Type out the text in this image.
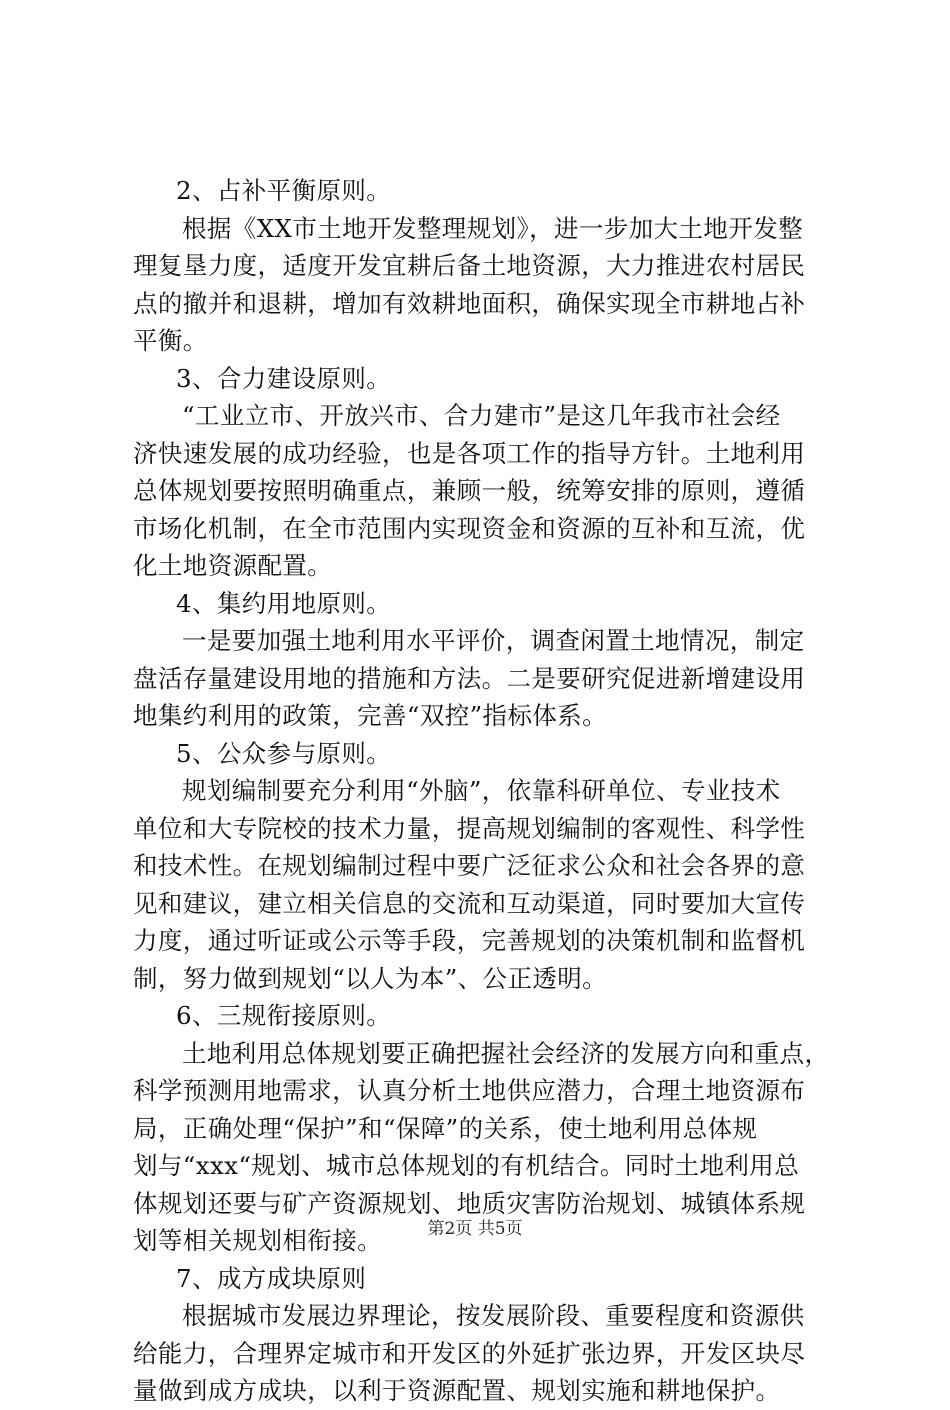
2、占补平衡原则。
根据《XX市土地开发整理规划》，进一步加大土地开发整
理复垦力度，适度开发宜耕后备土地资源，大力推进农村居民
点的撤并和退耕，增加有效耕地面积，确保实现全市耕地占补
平衡。
3、合力建设原则。
“工业立市、开放兴市、合力建市”是这几年我市社会经
济快速发展的成功经验，也是各项工作的指导方针。土地利用
总体规划要按照明确重点，兼顾一般，统筹安排的原则，遵循
市场化机制，在全市范围内实现资金和资源的互补和互流，优
化土地资源配置。
4、集约用地原则。
一是要加强土地利用水平评价，调查闲置土地情况，制定
盘活存量建设用地的措施和方法。二是要研究促进新增建设用
地集约利用的政策，完善“双控”指标体系。
5、公众参与原则。
规划编制要充分利用“外脑”，依靠科研单位、专业技术
单位和大专院校的技术力量，提高规划编制的客观性、科学性
和技术性。在规划编制过程中要广泛征求公众和社会各界的意
见和建议，建立相关信息的交流和互动渠道，同时要加大宣传
力度，通过听证或公示等手段，完善规划的决策机制和监督机
制，努力做到规划“以人为本”、公正透明。
6、三规衔接原则。
土地利用总体规划要正确把握社会经济的发展方向和重点，
科学预测用地需求，认真分析土地供应潜力，合理土地资源布
局，正确处理“保护”和“保障”的关系，使土地利用总体规
划与“xxx“规划、城市总体规划的有机结合。同时土地利用总
体规划还要与矿产资源规划、地质灾害防治规划、城镇体系规
划等相关规划相衔接。
7、成方成块原则
根据城市发展边界理论，按发展阶段、重要程度和资源供
给能力，合理界定城市和开发区的外延扩张边界，开发区块尽
量做到成方成块，以利于资源配置、规划实施和耕地保护。
第2页 共5页
